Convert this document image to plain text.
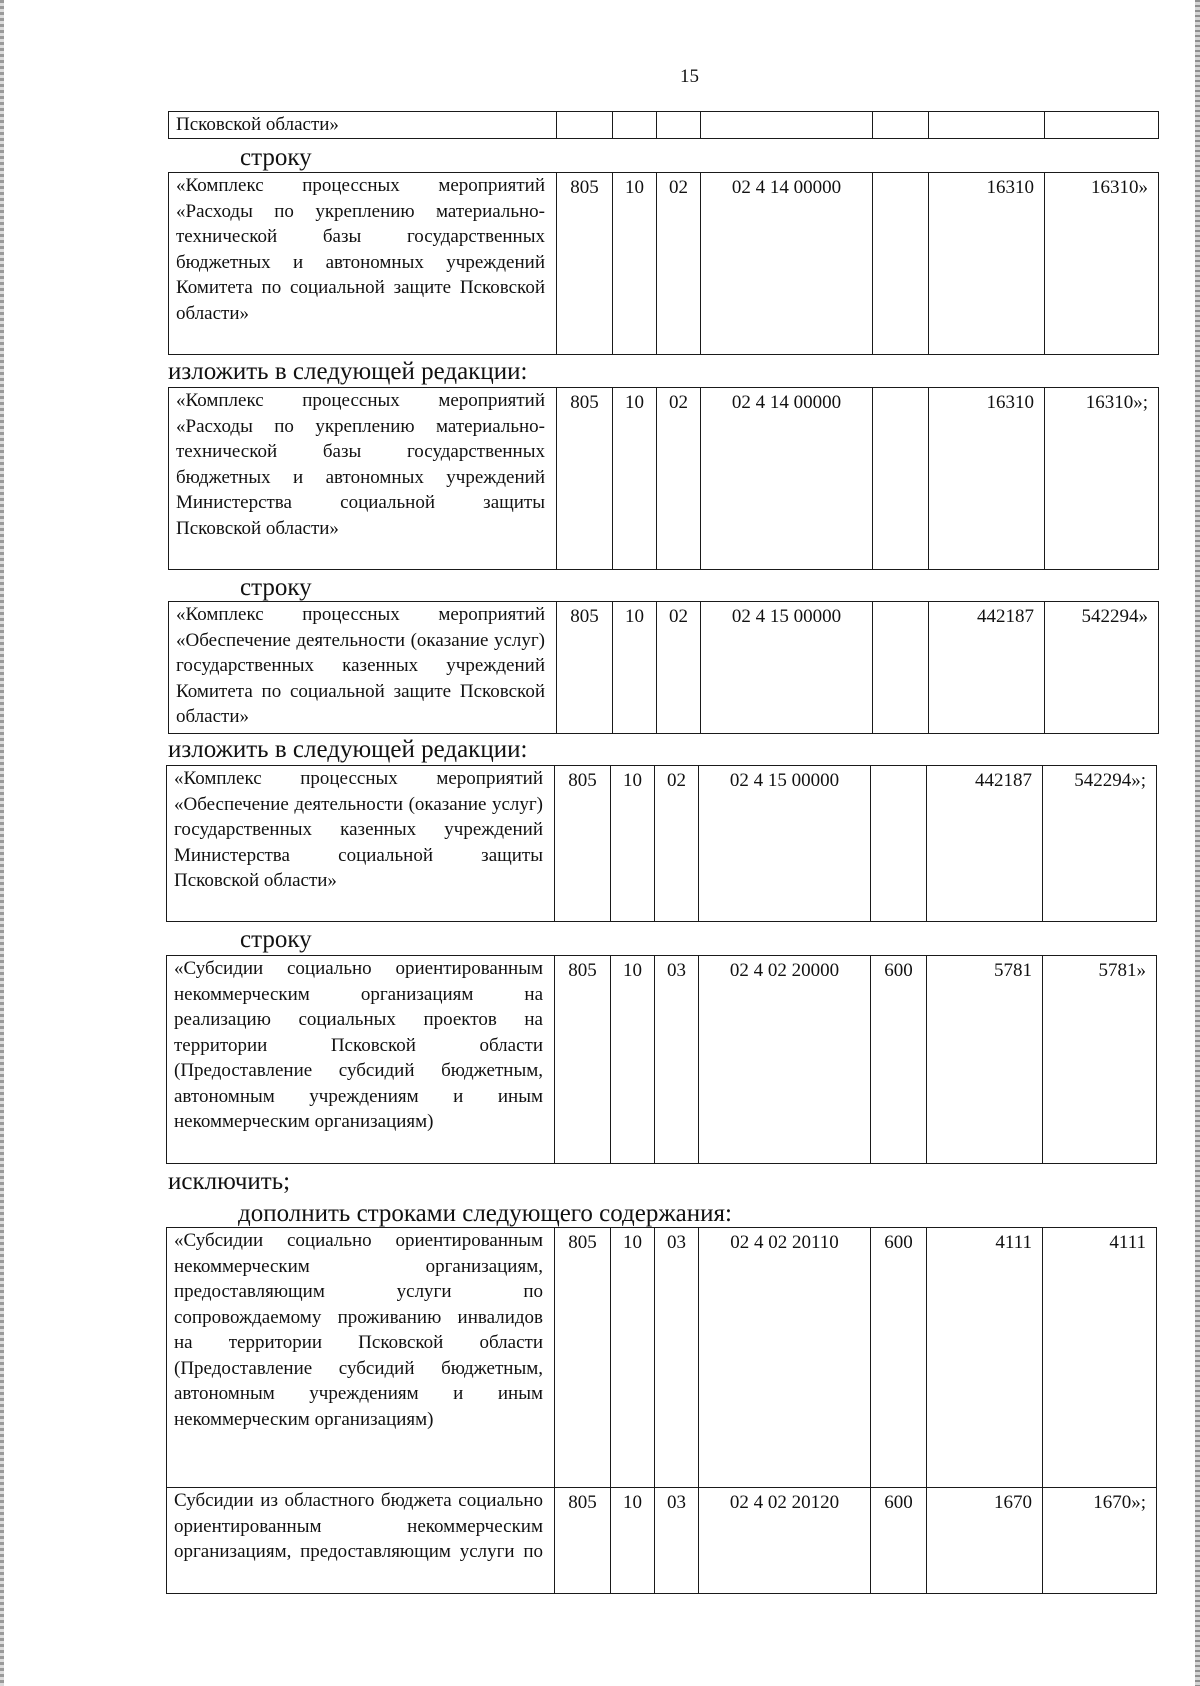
15
Псковской области»							
строку
«Комплекс процессных мероприятий «Расходы по укреплению материально-технической базы государственных бюджетных и автономных учреждений Комитета по социальной защите Псковской области»	805	10	02	02 4 14 00000		16310	16310»
изложить в следующей редакции:
«Комплекс процессных мероприятий «Расходы по укреплению материально-технической базы государственных бюджетных и автономных учреждений Министерства социальной защиты Псковской области»	805	10	02	02 4 14 00000		16310	16310»;
строку
«Комплекс процессных мероприятий «Обеспечение деятельности (оказание услуг) государственных казенных учреждений Комитета по социальной защите Псковской области»	805	10	02	02 4 15 00000		442187	542294»
изложить в следующей редакции:
«Комплекс процессных мероприятий «Обеспечение деятельности (оказание услуг) государственных казенных учреждений Министерства социальной защиты Псковской области»	805	10	02	02 4 15 00000		442187	542294»;
строку
«Субсидии социально ориентированным некоммерческим организациям на реализацию социальных проектов на территории Псковской области (Предоставление субсидий бюджетным, автономным учреждениям и иным некоммерческим организациям)	805	10	03	02 4 02 20000	600	5781	5781»
исключить;
дополнить строками следующего содержания:
«Субсидии социально ориентированным некоммерческим организациям, предоставляющим услуги по сопровождаемому проживанию инвалидов на территории Псковской области (Предоставление субсидий бюджетным, автономным учреждениям и иным некоммерческим организациям)	805	10	03	02 4 02 20110	600	4111	4111
Субсидии из областного бюджета социально ориентированным некоммерческим организациям, предоставляющим услуги по	805	10	03	02 4 02 20120	600	1670	1670»;
